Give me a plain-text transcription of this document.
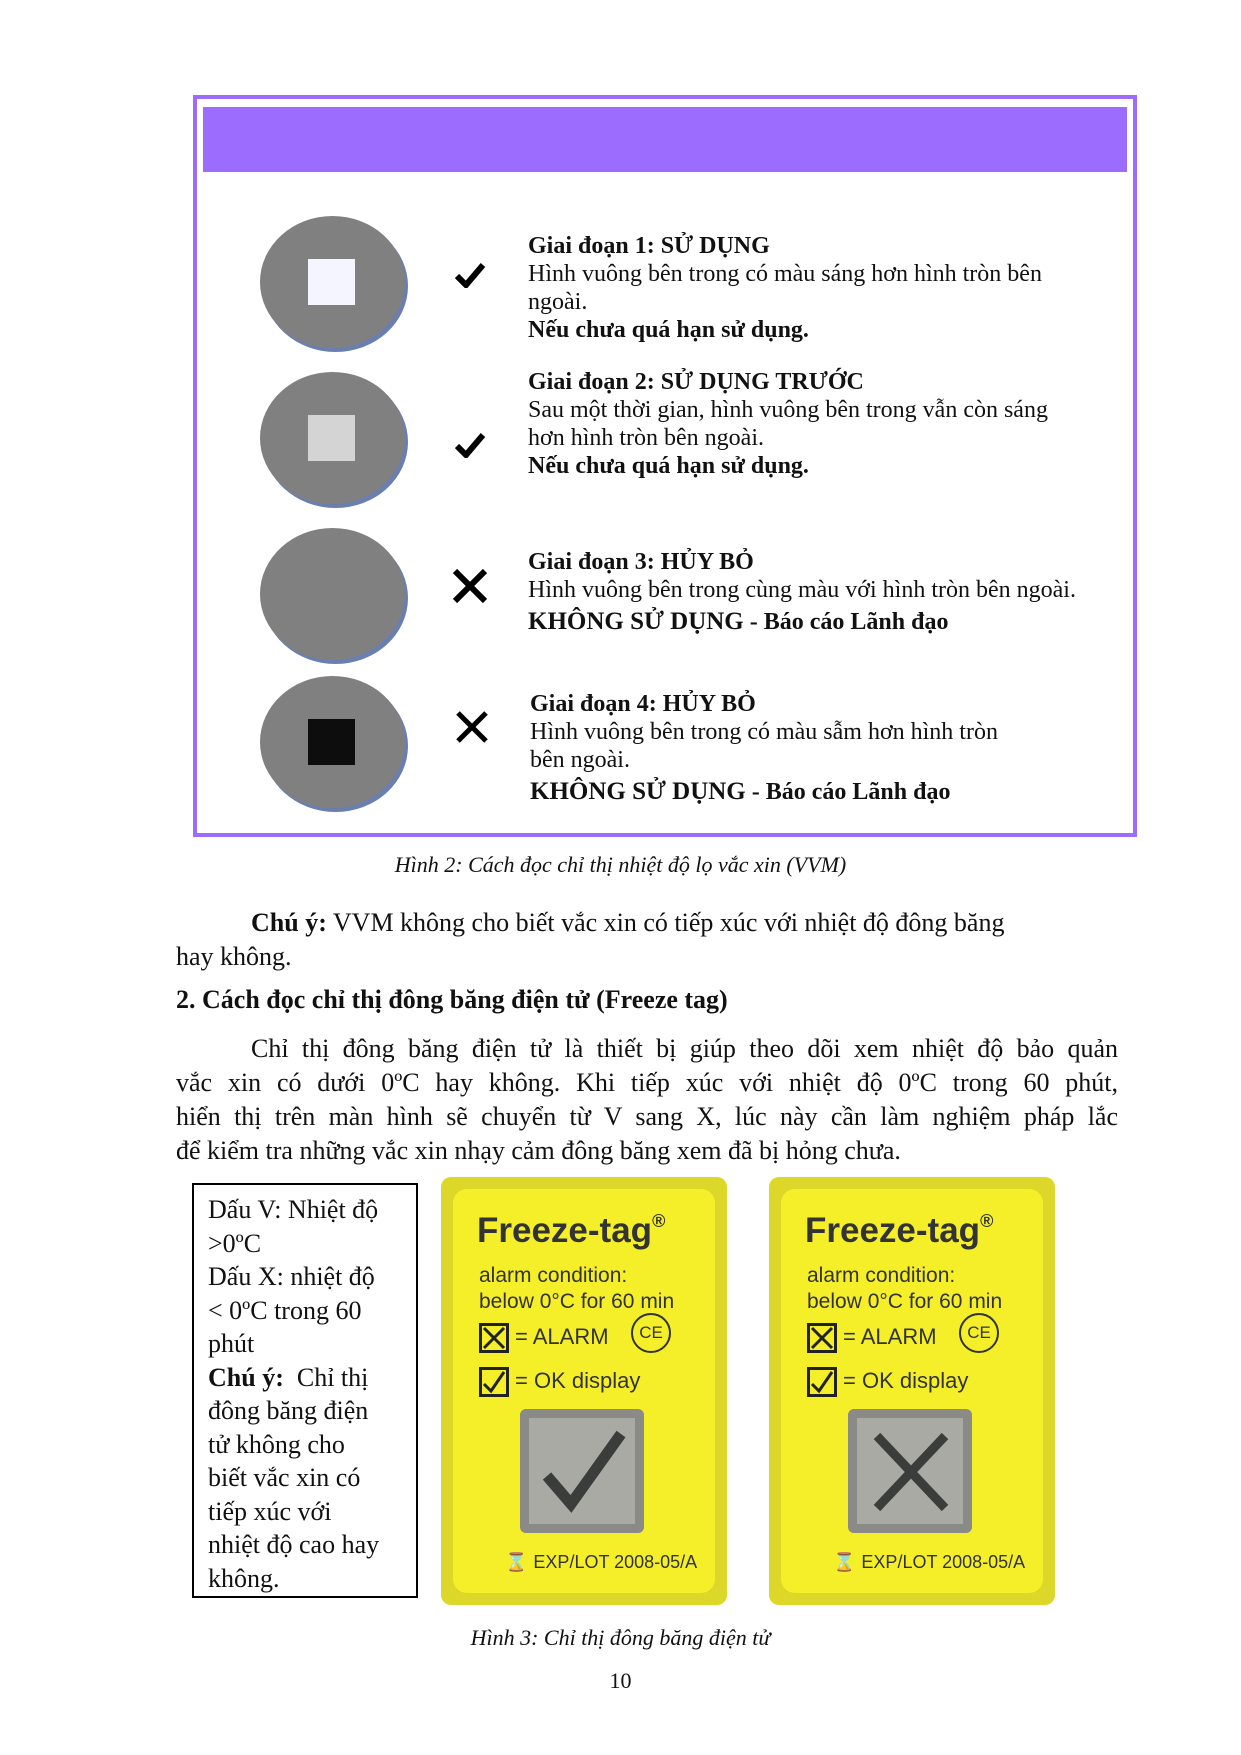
Giai đoạn 1: SỬ DỤNG
Hình vuông bên trong có màu sáng hơn hình tròn bên
ngoài.
Nếu chưa quá hạn sử dụng.
Giai đoạn 2: SỬ DỤNG TRƯỚC
Sau một thời gian, hình vuông bên trong vẫn còn sáng
hơn hình tròn bên ngoài.
Nếu chưa quá hạn sử dụng.
Giai đoạn 3: HỦY BỎ
Hình vuông bên trong cùng màu với hình tròn bên ngoài.
KHÔNG SỬ DỤNG - Báo cáo Lãnh đạo
Giai đoạn 4: HỦY BỎ
Hình vuông bên trong có màu sẫm hơn hình tròn
bên ngoài.
KHÔNG SỬ DỤNG - Báo cáo Lãnh đạo
Hình 2: Cách đọc chỉ thị nhiệt độ lọ vắc xin (VVM)
Chú ý: VVM không cho biết vắc xin có tiếp xúc với nhiệt độ đông băng
hay không.
2. Cách đọc chỉ thị đông băng điện tử (Freeze tag)
Chỉ thị đông băng điện tử là thiết bị giúp theo dõi xem nhiệt độ bảo quản
vắc xin có dưới 0ºC hay không. Khi tiếp xúc với nhiệt độ 0ºC trong 60 phút,
hiển thị trên màn hình sẽ chuyển từ V sang X, lúc này cần làm nghiệm pháp lắc
để kiểm tra những vắc xin nhạy cảm đông băng xem đã bị hỏng chưa.
Dấu V: Nhiệt độ
>0ºC
Dấu X: nhiệt độ
< 0ºC trong 60
phút
Chú ý:  Chỉ thị
đông băng điện
tử không cho
biết vắc xin có
tiếp xúc với
nhiệt độ cao hay
không.
Freeze-tag®
alarm condition:
below 0°C for 60 min
CE
= ALARM
= OK display
⌛ EXP/LOT 2008-05/A
Freeze-tag®
alarm condition:
below 0°C for 60 min
CE
= ALARM
= OK display
⌛ EXP/LOT 2008-05/A
Hình 3: Chỉ thị đông băng điện tử
10
